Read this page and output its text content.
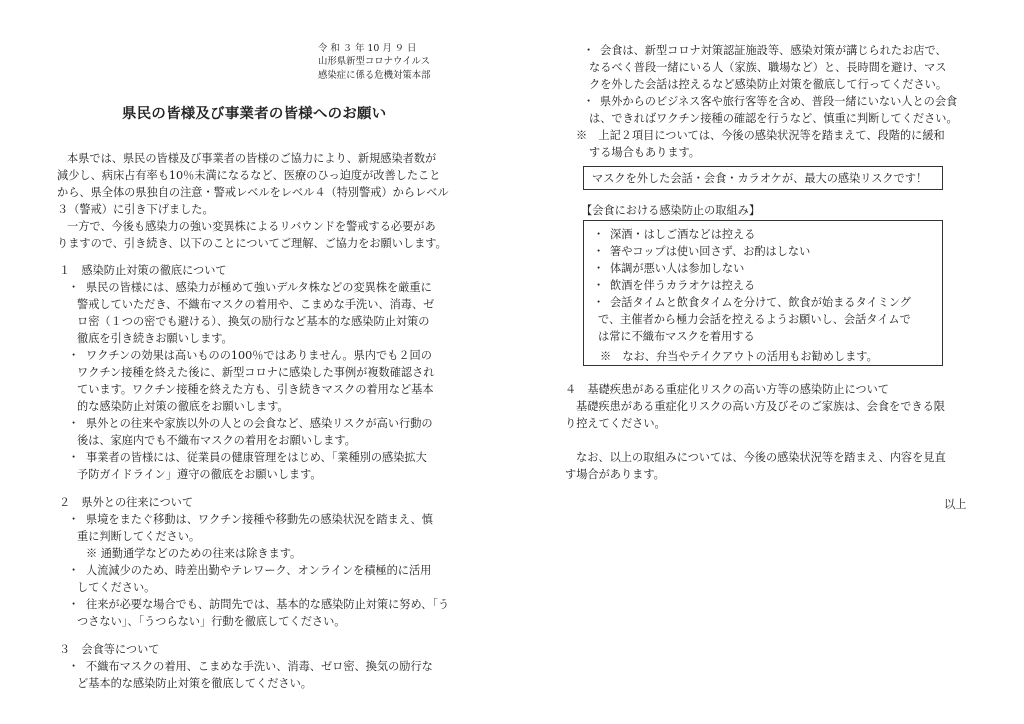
令 和 ３ 年 10 月 ９ 日
山形県新型コロナウイルス
感染症に係る危機対策本部
県民の皆様及び事業者の皆様へのお願い
本県では、県民の皆様及び事業者の皆様のご協力により、新規感染者数が
減少し、病床占有率も10％未満になるなど、医療のひっ迫度が改善したこと
から、県全体の県独自の注意・警戒レベルをレベル４（特別警戒）からレベル
３（警戒）に引き下げました。
一方で、今後も感染力の強い変異株によるリバウンドを警戒する必要があ
りますので、引き続き、以下のことについてご理解、ご協力をお願いします。
１　感染防止対策の徹底について
・ 県民の皆様には、感染力が極めて強いデルタ株などの変異株を厳重に
警戒していただき、不織布マスクの着用や、こまめな手洗い、消毒、ゼ
ロ密（１つの密でも避ける）、換気の励行など基本的な感染防止対策の
徹底を引き続きお願いします。
・ ワクチンの効果は高いものの100％ではありません。県内でも２回の
ワクチン接種を終えた後に、新型コロナに感染した事例が複数確認され
ています。ワクチン接種を終えた方も、引き続きマスクの着用など基本
的な感染防止対策の徹底をお願いします。
・ 県外との往来や家族以外の人との会食など、感染リスクが高い行動の
後は、家庭内でも不織布マスクの着用をお願いします。
・ 事業者の皆様には、従業員の健康管理をはじめ、「業種別の感染拡大
予防ガイドライン」遵守の徹底をお願いします。
２　県外との往来について
・ 県境をまたぐ移動は、ワクチン接種や移動先の感染状況を踏まえ、慎
重に判断してください。
※ 通勤通学などのための往来は除きます。
・ 人流減少のため、時差出勤やテレワーク、オンラインを積極的に活用
してください。
・ 往来が必要な場合でも、訪問先では、基本的な感染防止対策に努め、「う
つさない」、「うつらない」行動を徹底してください。
３　会食等について
・ 不織布マスクの着用、こまめな手洗い、消毒、ゼロ密、換気の励行な
ど基本的な感染防止対策を徹底してください。
・ 会食は、新型コロナ対策認証施設等、感染対策が講じられたお店で、
なるべく普段一緒にいる人（家族、職場など）と、長時間を避け、マス
クを外した会話は控えるなど感染防止対策を徹底して行ってください。
・ 県外からのビジネス客や旅行客等を含め、普段一緒にいない人との会食
は、できればワクチン接種の確認を行うなど、慎重に判断してください。
※　上記２項目については、今後の感染状況等を踏まえて、段階的に緩和
する場合もあります。
マスクを外した会話・会食・カラオケが、最大の感染リスクです！
【会食における感染防止の取組み】
・ 深酒・はしご酒などは控える
・ 箸やコップは使い回さず、お酌はしない
・ 体調が悪い人は参加しない
・ 飲酒を伴うカラオケは控える
・ 会話タイムと飲食タイムを分けて、飲食が始まるタイミング
で、主催者から極力会話を控えるようお願いし、会話タイムで
は常に不織布マスクを着用する
※　なお、弁当やテイクアウトの活用もお勧めします。
４　基礎疾患がある重症化リスクの高い方等の感染防止について
基礎疾患がある重症化リスクの高い方及びそのご家族は、会食をできる限
り控えてください。
なお、以上の取組みについては、今後の感染状況等を踏まえ、内容を見直
す場合があります。
以上
